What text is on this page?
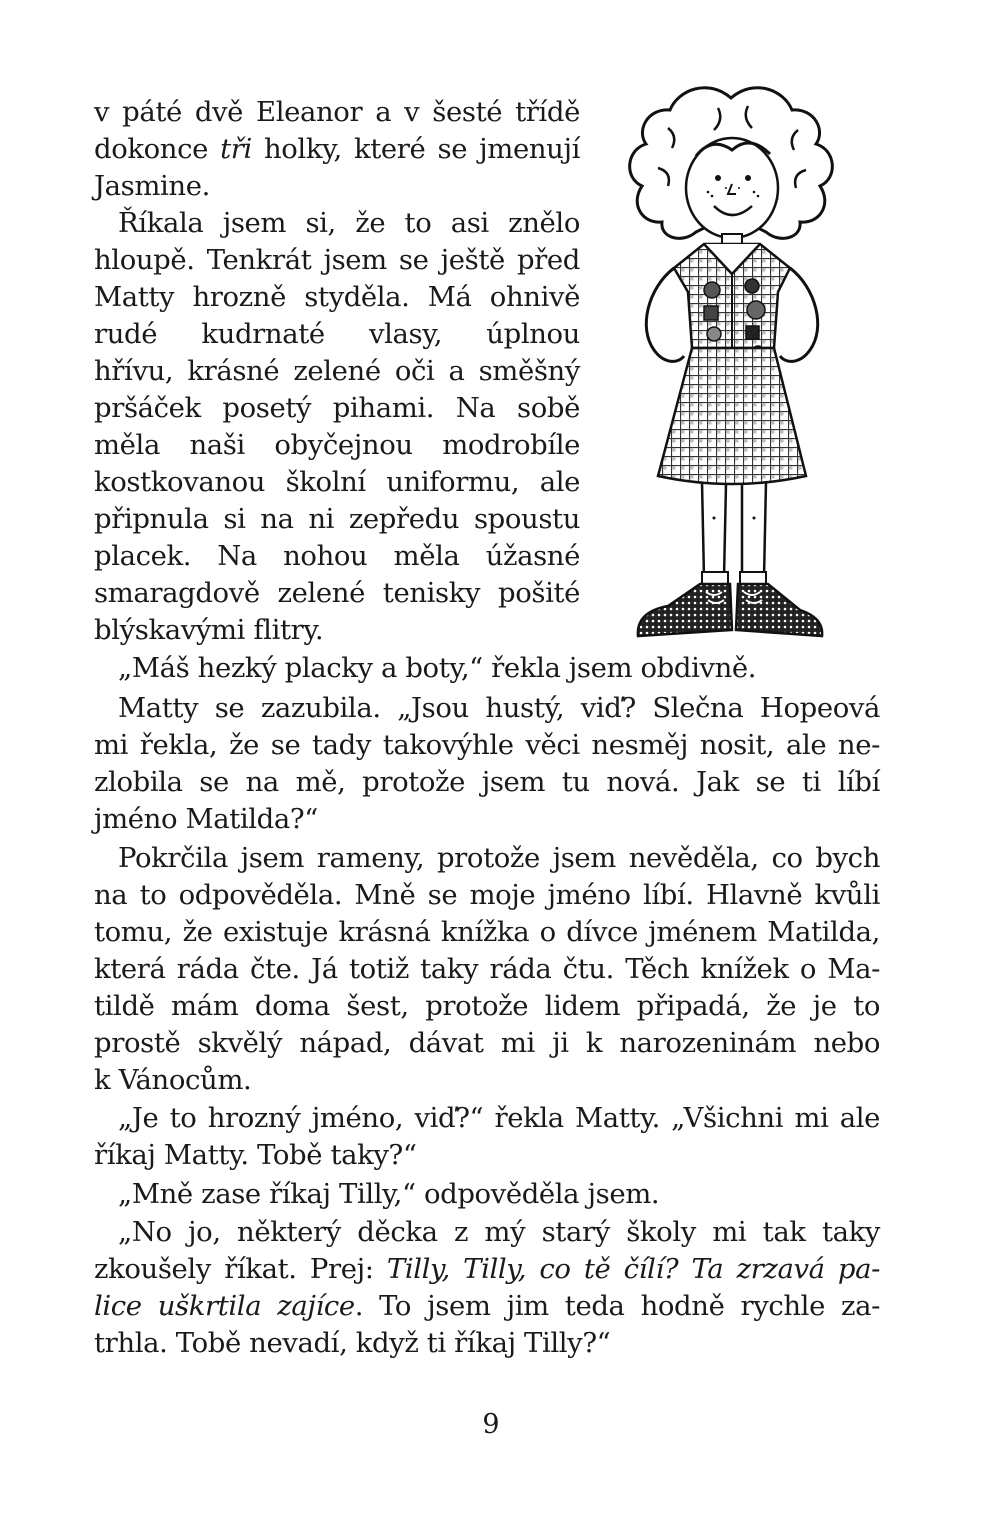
v páté dvě Eleanor a v šesté třídě
dokonce tři holky, které se jmenují
Jasmine.
Říkala jsem si, že to asi znělo
hloupě. Tenkrát jsem se ještě před
Matty hrozně styděla. Má ohnivě
rudé kudrnaté vlasy, úplnou
hřívu, krásné zelené oči a směšný
pršáček posetý pihami. Na sobě
měla naši obyčejnou modrobíle
kostkovanou školní uniformu, ale
připnula si na ni zepředu spoustu
placek. Na nohou měla úžasné
smaragdově zelené tenisky pošité
blýskavými flitry.
„Máš hezký placky a boty,“ řekla jsem obdivně.
Matty se zazubila. „Jsou hustý, viď? Slečna Hopeová
mi řekla, že se tady takovýhle věci nesměj nosit, ale ne-
zlobila se na mě, protože jsem tu nová. Jak se ti líbí
jméno Matilda?“
Pokrčila jsem rameny, protože jsem nevěděla, co bych
na to odpověděla. Mně se moje jméno líbí. Hlavně kvůli
tomu, že existuje krásná knížka o dívce jménem Matilda,
která ráda čte. Já totiž taky ráda čtu. Těch knížek o Ma-
tildě mám doma šest, protože lidem připadá, že je to
prostě skvělý nápad, dávat mi ji k narozeninám nebo
k Vánocům.
„Je to hrozný jméno, viď?“ řekla Matty. „Všichni mi ale
říkaj Matty. Tobě taky?“
„Mně zase říkaj Tilly,“ odpověděla jsem.
„No jo, některý děcka z mý starý školy mi tak taky
zkoušely říkat. Prej: Tilly, Tilly, co tě čílí? Ta zrzavá pa-
lice uškrtila zajíce. To jsem jim teda hodně rychle za-
trhla. Tobě nevadí, když ti říkaj Tilly?“
9
